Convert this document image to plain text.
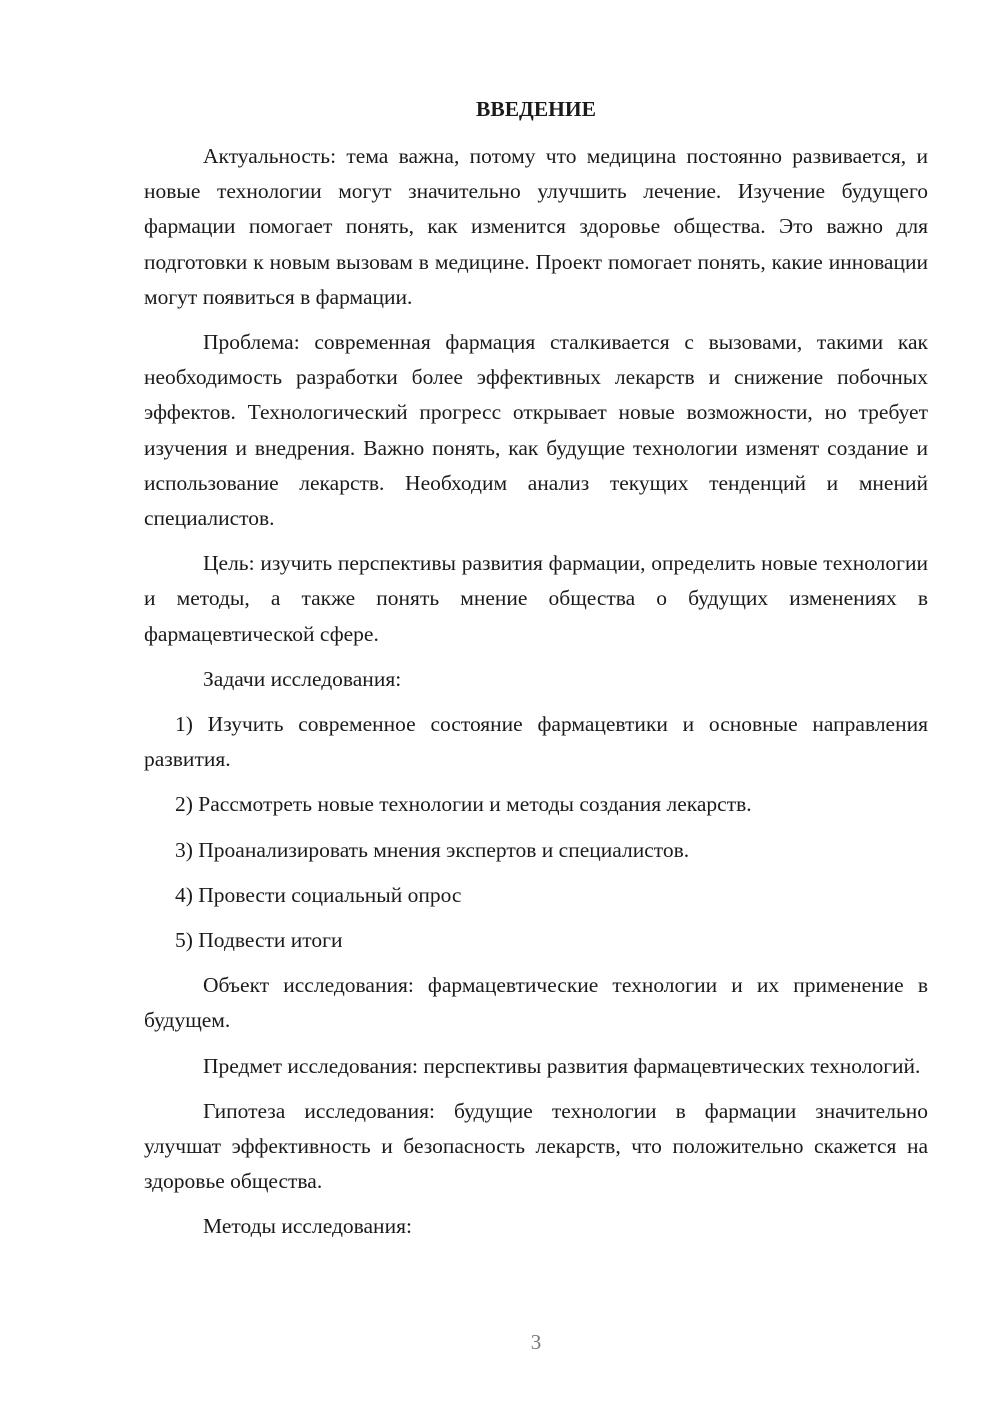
ВВЕДЕНИЕ

Актуальность: тема важна, потому что медицина постоянно развивается, и новые технологии могут значительно улучшить лечение. Изучение будущего фармации помогает понять, как изменится здоровье общества. Это важно для подготовки к новым вызовам в медицине. Проект помогает понять, какие инновации могут появиться в фармации.

Проблема: современная фармация сталкивается с вызовами, такими как необходимость разработки более эффективных лекарств и снижение побочных эффектов. Технологический прогресс открывает новые возможности, но требует изучения и внедрения. Важно понять, как будущие технологии изменят создание и использование лекарств. Необходим анализ текущих тенденций и мнений специалистов.

Цель: изучить перспективы развития фармации, определить новые технологии и методы, а также понять мнение общества о будущих изменениях в фармацевтической сфере.

Задачи исследования:

1) Изучить современное состояние фармацевтики и основные направления развития.

2) Рассмотреть новые технологии и методы создания лекарств.

3) Проанализировать мнения экспертов и специалистов.

4) Провести социальный опрос

5) Подвести итоги

Объект исследования: фармацевтические технологии и их применение в будущем.

Предмет исследования: перспективы развития фармацевтических технологий.

Гипотеза исследования: будущие технологии в фармации значительно улучшат эффективность и безопасность лекарств, что положительно скажется на здоровье общества.

Методы исследования:

3
